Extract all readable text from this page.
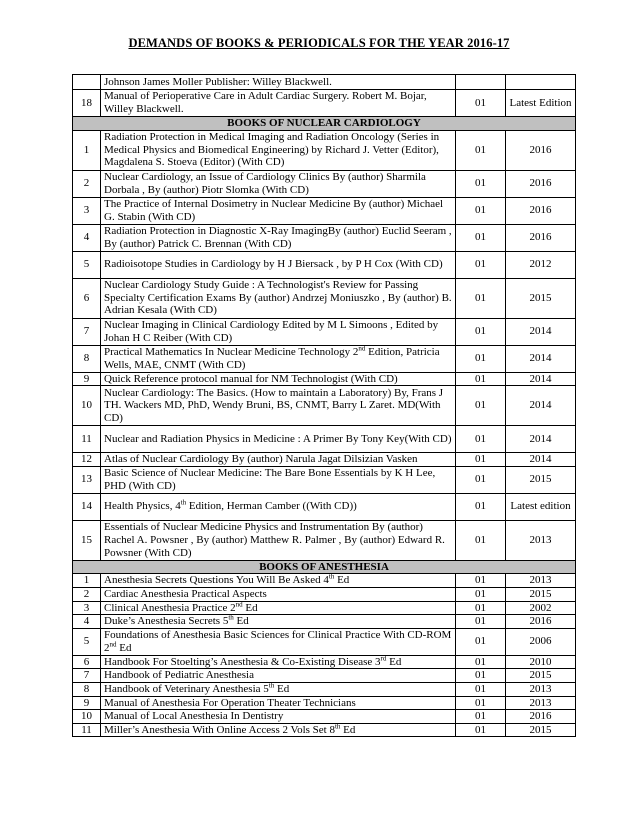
DEMANDS OF BOOKS & PERIODICALS FOR THE YEAR 2016-17
	Johnson James Moller Publisher: Willey Blackwell.		
18	Manual of Perioperative Care in Adult Cardiac Surgery. Robert M. Bojar, Willey Blackwell.	01	Latest Edition
BOOKS OF NUCLEAR CARDIOLOGY			
1	Radiation Protection in Medical Imaging and Radiation Oncology (Series in Medical Physics and Biomedical Engineering) by Richard J. Vetter (Editor), Magdalena S. Stoeva (Editor) (With CD)	01	2016
2	Nuclear Cardiology, an Issue of Cardiology Clinics By (author) Sharmila Dorbala , By (author) Piotr Slomka (With CD)	01	2016
3	The Practice of Internal Dosimetry in Nuclear Medicine By (author) Michael G. Stabin (With CD)	01	2016
4	Radiation Protection in Diagnostic X-Ray ImagingBy (author) Euclid Seeram , By (author) Patrick C. Brennan (With CD)	01	2016
5	Radioisotope Studies in Cardiology by H J Biersack , by P H Cox (With CD)	01	2012
6	Nuclear Cardiology Study Guide : A Technologist's Review for Passing Specialty Certification Exams By (author) Andrzej Moniuszko , By (author) B. Adrian Kesala (With CD)	01	2015
7	Nuclear Imaging in Clinical Cardiology Edited by M L Simoons , Edited by Johan H C Reiber (With CD)	01	2014
8	Practical Mathematics In Nuclear Medicine Technology 2nd Edition, Patricia Wells, MAE, CNMT (With CD)	01	2014
9	Quick Reference protocol manual for NM Technologist (With CD)	01	2014
10	Nuclear Cardiology: The Basics. (How to maintain a Laboratory) By, Frans J TH. Wackers MD, PhD, Wendy Bruni, BS, CNMT, Barry L Zaret. MD(With CD)	01	2014
11	Nuclear and Radiation Physics in Medicine : A Primer By Tony Key(With CD)	01	2014
12	Atlas of Nuclear Cardiology By (author) Narula Jagat Dilsizian Vasken	01	2014
13	Basic Science of Nuclear Medicine: The Bare Bone Essentials by K H Lee, PHD (With CD)	01	2015
14	Health Physics, 4th Edition, Herman Camber ((With CD))	01	Latest edition
15	Essentials of Nuclear Medicine Physics and Instrumentation By (author) Rachel A. Powsner , By (author) Matthew R. Palmer , By (author) Edward R. Powsner (With CD)	01	2013
BOOKS OF ANESTHESIA			
1	Anesthesia Secrets Questions You Will Be Asked 4th Ed	01	2013
2	Cardiac Anesthesia Practical Aspects	01	2015
3	Clinical Anesthesia Practice 2nd Ed	01	2002
4	Duke’s Anesthesia Secrets 5th Ed	01	2016
5	Foundations of Anesthesia Basic Sciences for Clinical Practice With CD-ROM 2nd Ed	01	2006
6	Handbook For Stoelting’s Anesthesia & Co-Existing Disease 3rd Ed	01	2010
7	Handbook of Pediatric Anesthesia	01	2015
8	Handbook of Veterinary Anesthesia 5th Ed	01	2013
9	Manual of Anesthesia For Operation Theater Technicians	01	2013
10	Manual of Local Anesthesia In Dentistry	01	2016
11	Miller’s Anesthesia With Online Access 2 Vols Set 8th Ed	01	2015
